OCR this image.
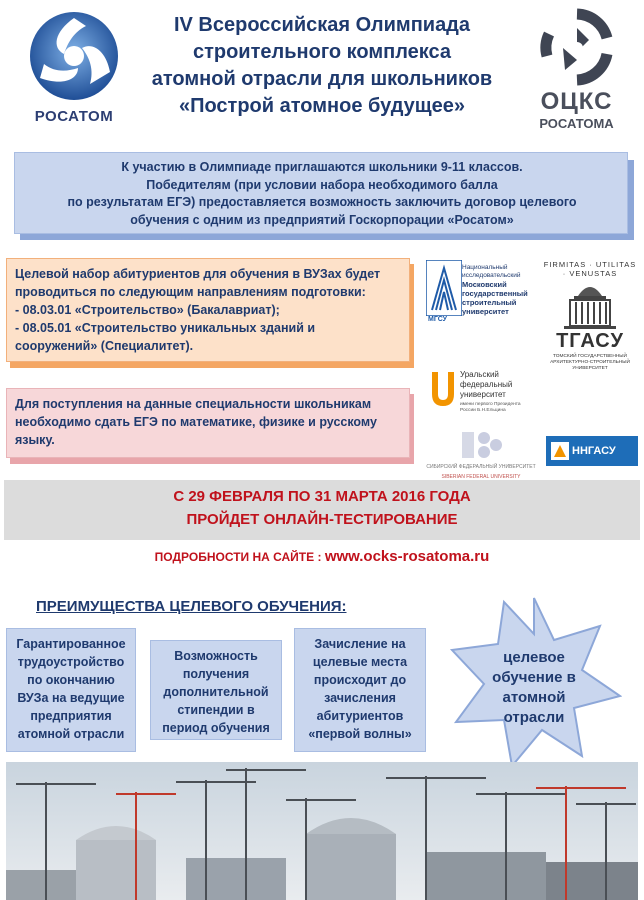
РОСАТОМ
IV Всероссийская Олимпиада
строительного комплекса
атомной отрасли для школьников
«Построй атомное будущее»	ОЦКС
РОСАТОМА
К участию в Олимпиаде приглашаются школьники 9-11 классов.
Победителям (при условии набора необходимого балла
по результатам ЕГЭ) предоставляется возможность заключить договор целевого
обучения с одним из предприятий Госкорпорации «Росатом»
Целевой набор абитуриентов для обучения в ВУЗах будет
проводиться по следующим направлениям подготовки:
- 08.03.01 «Строительство» (Бакалавриат);
- 08.05.01 «Строительство уникальных зданий и
сооружений» (Специалитет).
Для поступления на данные специальности школьникам
необходимо сдать ЕГЭ по математике, физике и русскому
языку.
Национальный исследовательский
Московский государственный строительный университет
МГСУ
FIRMITAS · UTILITAS · VENUSTAS
ТГАСУ
ТОМСКИЙ ГОСУДАРСТВЕННЫЙ АРХИТЕКТУРНО-СТРОИТЕЛЬНЫЙ УНИВЕРСИТЕТ
Уральский федеральный университет
имени первого Президента России Б.Н.Ельцина
СИБИРСКИЙ ФЕДЕРАЛЬНЫЙ УНИВЕРСИТЕТ
SIBERIAN FEDERAL UNIVERSITY
ННГАСУ
С 29 ФЕВРАЛЯ ПО 31 МАРТА 2016 ГОДА
ПРОЙДЕТ ОНЛАЙН-ТЕСТИРОВАНИЕ
ПОДРОБНОСТИ НА САЙТЕ : www.ocks-rosatoma.ru
ПРЕИМУЩЕСТВА ЦЕЛЕВОГО ОБУЧЕНИЯ:
Гарантированное трудоустройство по окончанию ВУЗа на ведущие предприятия атомной отрасли
Возможность получения дополнительной стипендии в период обучения
Зачисление на целевые места происходит до зачисления абитуриентов «первой волны»
целевое обучение в атомной отрасли
